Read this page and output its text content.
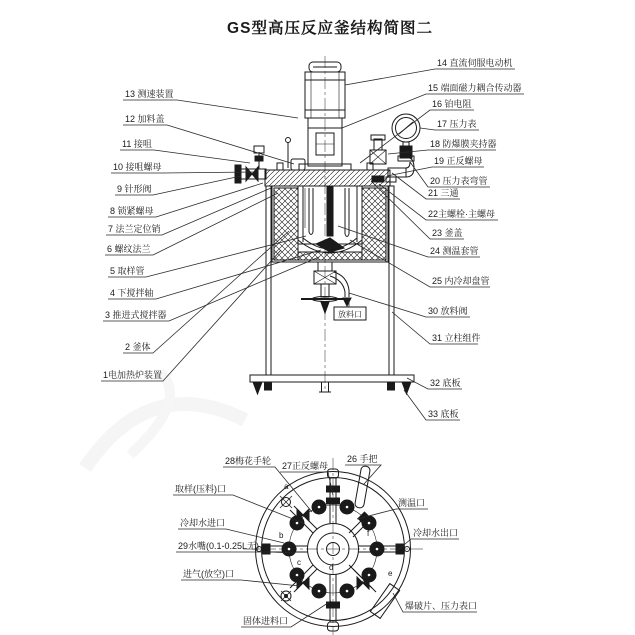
GS型高压反应釜结构简图二
13 测速装置
12 加料盖
11 接咀
10 接咀螺母
9 针形阀
8 锁紧螺母
7 法兰定位销
6 螺纹法兰
5 取样管
4 下搅拌轴
3 推进式搅拌器
2 釜体
1电加热炉装置
14 直流伺服电动机
15 端面磁力耦合传动器
16 铂电阻
17 压力表
18 防爆膜夹持器
19 正反螺母
20 压力表弯管
21 三通
22主螺栓·主螺母
23 釜盖
24 测温套管
25 内冷却盘管
30 放料阀
31 立柱组件
32 底板
33 底板
28梅花手轮 27正反螺母
26 手把
取样(压料)口
冷却水进口
29水嘴(0.1-0.25L无)
进气(放空)口
固体进料口
测温口
冷却水出口
爆破片、压力表口
放料口
a
b
c
d
e
f
